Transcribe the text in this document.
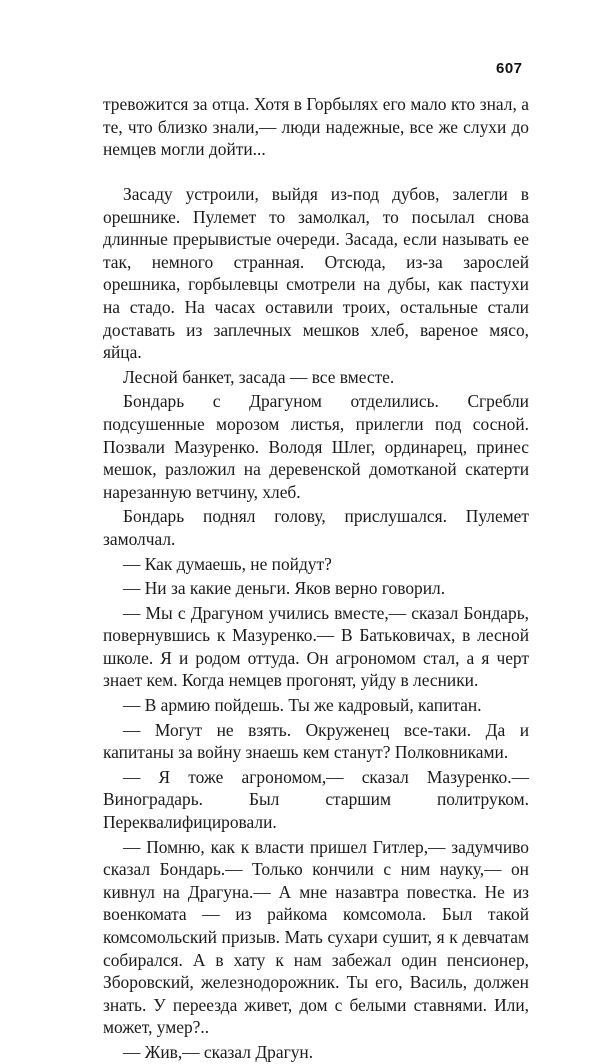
607

тревожится за отца. Хотя в Горбылях его мало кто знал, а те, что близко знали,— люди надежные, все же слухи до немцев могли дойти...

Засаду устроили, выйдя из-под дубов, залегли в орешнике. Пулемет то замолкал, то посылал снова длинные прерывистые очереди. Засада, если называть ее так, немного странная. Отсюда, из-за зарослей орешника, горбылевцы смотрели на дубы, как пастухи на стадо. На часах оставили троих, остальные стали доставать из заплечных мешков хлеб, вареное мясо, яйца.

Лесной банкет, засада — все вместе.

Бондарь с Драгуном отделились. Сгребли подсушенные морозом листья, прилегли под сосной. Позвали Мазуренко. Володя Шлег, ординарец, принес мешок, разложил на деревенской домотканой скатерти нарезанную ветчину, хлеб.

Бондарь поднял голову, прислушался. Пулемет замолчал.

— Как думаешь, не пойдут?

— Ни за какие деньги. Яков верно говорил.

— Мы с Драгуном учились вместе,— сказал Бондарь, повернувшись к Мазуренко.— В Батьковичах, в лесной школе. Я и родом оттуда. Он агрономом стал, а я черт знает кем. Когда немцев прогонят, уйду в лесники.

— В армию пойдешь. Ты же кадровый, капитан.

— Могут не взять. Окруженец все-таки. Да и капитаны за войну знаешь кем станут? Полковниками.

— Я тоже агрономом,— сказал Мазуренко.— Виноградарь. Был старшим политруком. Переквалифицировали.

— Помню, как к власти пришел Гитлер,— задумчиво сказал Бондарь.— Только кончили с ним науку,— он кивнул на Драгуна.— А мне назавтра повестка. Не из военкомата — из райкома комсомола. Был такой комсомольский призыв. Мать сухари сушит, я к девчатам собирался. А в хату к нам забежал один пенсионер, Зборовский, железнодорожник. Ты его, Василь, должен знать. У переезда живет, дом с белыми ставнями. Или, может, умер?..

— Жив,— сказал Драгун.
